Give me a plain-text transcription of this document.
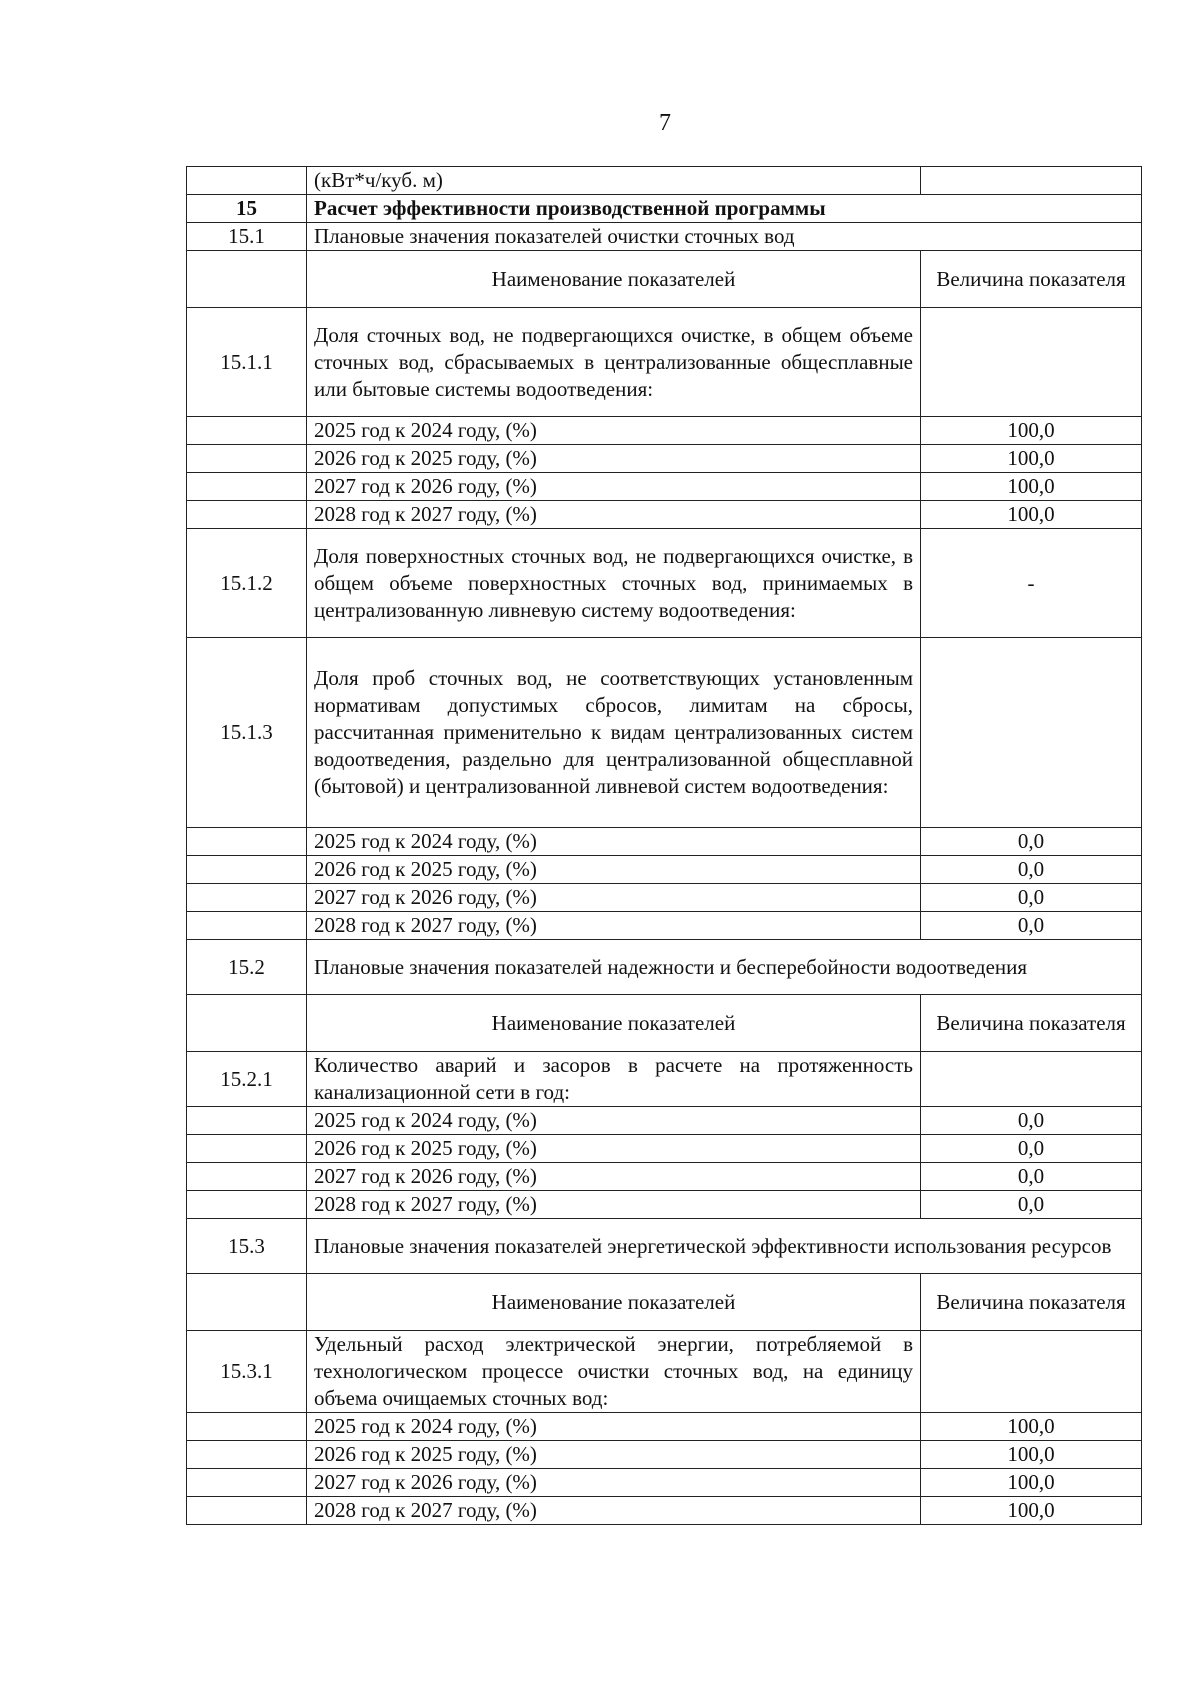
7
	(кВт*ч/куб. м)	
15	Расчет эффективности производственной программы	
15.1	Плановые значения показателей очистки сточных вод	
	Наименование показателей	Величина показателя
15.1.1	Доля сточных вод, не подвергающихся очистке, в общем объеме сточных вод, сбрасываемых в централизованные общесплавные или бытовые системы водоотведения:	
	2025 год к 2024 году, (%)	100,0
	2026 год к 2025 году, (%)	100,0
	2027 год к 2026 году, (%)	100,0
	2028 год к 2027 году, (%)	100,0
15.1.2	Доля поверхностных сточных вод, не подвергающихся очистке, в общем объеме поверхностных сточных вод, принимаемых в централизованную ливневую систему водоотведения:	-
15.1.3	Доля проб сточных вод, не соответствующих установленным нормативам допустимых сбросов, лимитам на сбросы, рассчитанная применительно к видам централизованных систем водоотведения, раздельно для централизованной общесплавной (бытовой) и централизованной ливневой систем водоотведения:	
	2025 год к 2024 году, (%)	0,0
	2026 год к 2025 году, (%)	0,0
	2027 год к 2026 году, (%)	0,0
	2028 год к 2027 году, (%)	0,0
15.2	Плановые значения показателей надежности и бесперебойности водоотведения	
	Наименование показателей	Величина показателя
15.2.1	Количество аварий и засоров в расчете на протяженность канализационной сети в год:	
	2025 год к 2024 году, (%)	0,0
	2026 год к 2025 году, (%)	0,0
	2027 год к 2026 году, (%)	0,0
	2028 год к 2027 году, (%)	0,0
15.3	Плановые значения показателей энергетической эффективности использования ресурсов	
	Наименование показателей	Величина показателя
15.3.1	Удельный расход электрической энергии, потребляемой в технологическом процессе очистки сточных вод, на единицу объема очищаемых сточных вод:	
	2025 год к 2024 году, (%)	100,0
	2026 год к 2025 году, (%)	100,0
	2027 год к 2026 году, (%)	100,0
	2028 год к 2027 году, (%)	100,0
